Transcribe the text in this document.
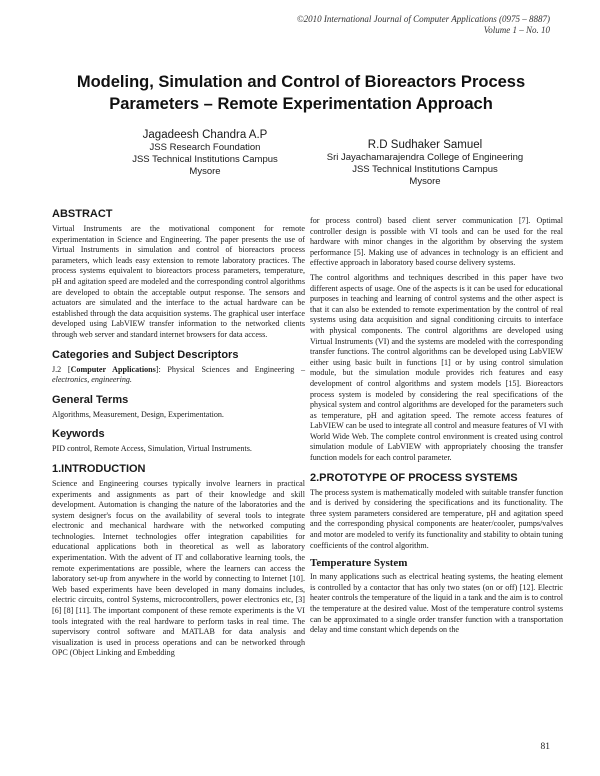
©2010 International Journal of Computer Applications (0975 – 8887)
Volume 1 – No. 10
Modeling, Simulation and Control of Bioreactors Process
Parameters – Remote Experimentation Approach
Jagadeesh Chandra A.P
JSS Research Foundation
JSS Technical Institutions Campus
Mysore
R.D Sudhaker Samuel
Sri Jayachamarajendra College of Engineering
JSS Technical Institutions Campus
Mysore
ABSTRACT
Virtual Instruments are the motivational component for remote experimentation in Science and Engineering. The paper presents the use of Virtual Instruments in simulation and control of bioreactors process parameters, which leads easy extension to remote laboratory practices. The process systems equivalent to bioreactors process parameters, temperature, pH and agitation speed are modeled and the corresponding control algorithms are developed to obtain the acceptable output response. The sensors and actuators are simulated and the interface to the actual hardware can be established through the data acquisition systems. The graphical user interface developed using LabVIEW transfer information to the networked clients through web server and standard internet browsers for data access.
Categories and Subject Descriptors
J.2 [Computer Applications]: Physical Sciences and Engineering – electronics, engineering.
General Terms
Algorithms, Measurement, Design, Experimentation.
Keywords
PID control, Remote Access, Simulation, Virtual Instruments.
1.INTRODUCTION
Science and Engineering courses typically involve learners in practical experiments and assignments as part of their knowledge and skill development. Automation is changing the nature of the laboratories and the system designer's focus on the availability of several tools to integrate electronic and mechanical hardware with the networked computing technologies. Internet technologies offer integration capabilities for educational applications both in theoretical as well as laboratory experimentation. With the advent of IT and collaborative learning tools, the remote experimentations are possible, where the learners can access the laboratory set-up from anywhere in the world by connecting to Internet [10]. Web based experiments have been developed in many domains includes, electric circuits, control Systems, microcontrollers, power electronics etc, [3] [6] [8] [11]. The important component of these remote experiments is the VI tools integrated with the real hardware to perform tasks in real time. The supervisory control software and MATLAB for data analysis and visualization is used in process operations and can be networked through OPC (Object Linking and Embedding
for process control) based client server communication [7]. Optimal controller design is possible with VI tools and can be used for the real hardware with minor changes in the algorithm by observing the system performance [5]. Making use of advances in technology is an efficient and effective approach in laboratory based course delivery systems.
The control algorithms and techniques described in this paper have two different aspects of usage. One of the aspects is it can be used for educational purposes in teaching and learning of control systems and the other aspect is that it can also be extended to remote experimentation by the control of real systems using data acquisition and signal conditioning circuits to interface with physical components. The control algorithms are developed using Virtual Instruments (VI) and the systems are modeled with the corresponding transfer functions. The control algorithms can be developed using LabVIEW either using basic built in functions [1] or by using control simulation module, but the simulation module provides rich features and easy development of control algorithms and system models [15]. Bioreactors process system is modeled by considering the real specifications of the physical system and control algorithms are developed for the parameters such as temperature, pH and agitation speed. The remote access features of LabVIEW can be used to integrate all control and measure features of VI with World Wide Web. The complete control environment is created using control simulation module of LabVIEW with appropriately choosing the transfer function models for each control parameter.
2.PROTOTYPE OF PROCESS SYSTEMS
The process system is mathematically modeled with suitable transfer function and is derived by considering the specifications and its functionality. The three system parameters considered are temperature, pH and agitation speed and the corresponding physical components are heater/cooler, pumps/valves and motor are modeled to verify its functionality and stability to obtain tuning coefficients of the control algorithm.
Temperature System
In many applications such as electrical heating systems, the heating element is controlled by a contactor that has only two states (on or off) [12]. Electric heater controls the temperature of the liquid in a tank and the aim is to control the temperature at the desired value. Most of the temperature control systems can be approximated to a single order transfer function with a transportation delay and time constant which depends on the
81
